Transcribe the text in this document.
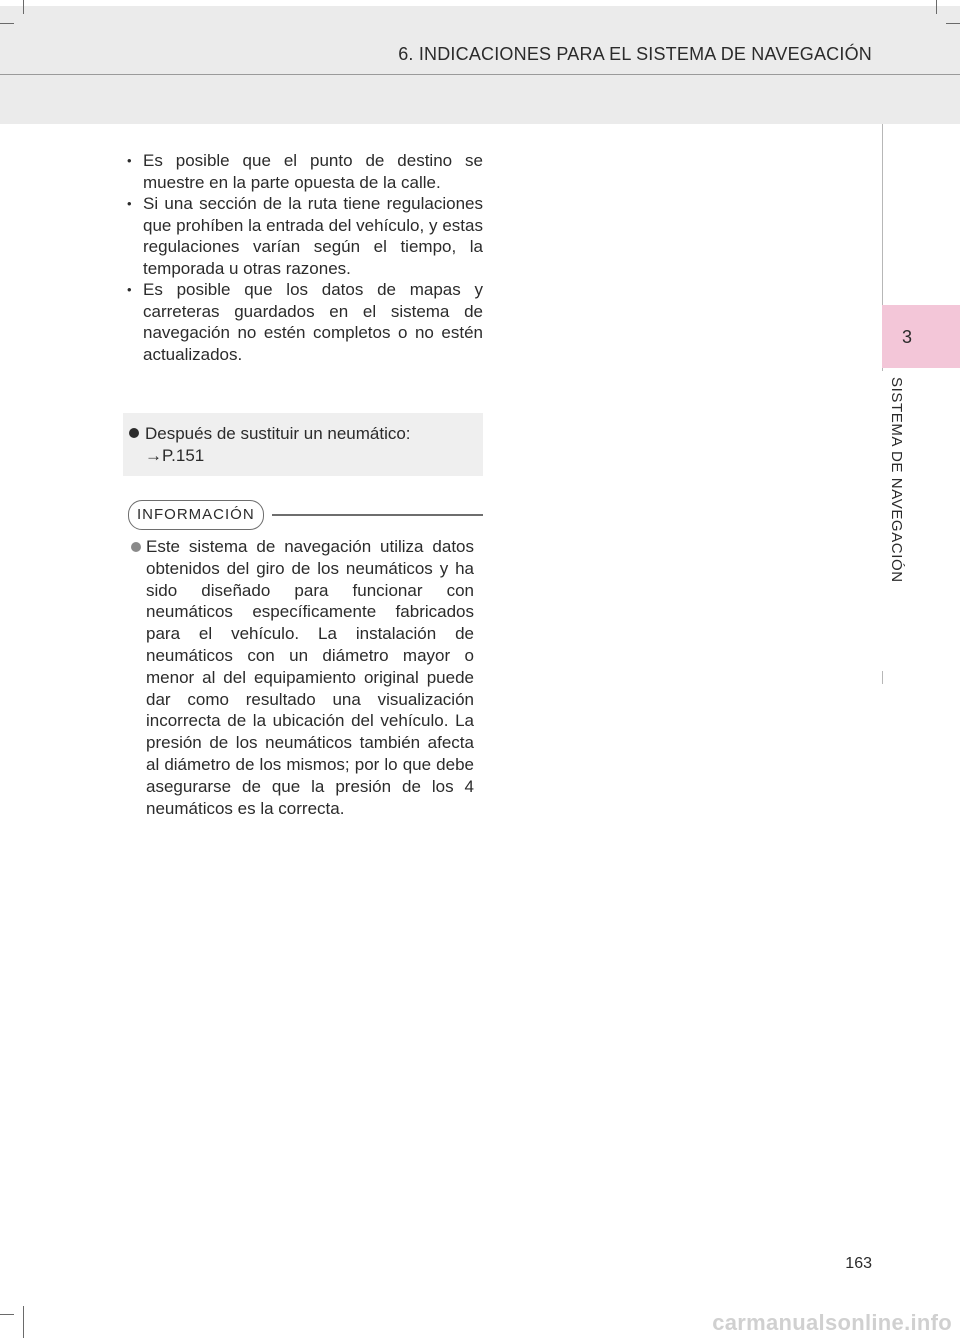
6. INDICACIONES PARA EL SISTEMA DE NAVEGACIÓN
3
SISTEMA DE NAVEGACIÓN
• Es posible que el punto de destino se muestre en la parte opuesta de la calle.
• Si una sección de la ruta tiene regulaciones que prohíben la entrada del vehículo, y estas regulaciones varían según el tiempo, la temporada u otras razones.
• Es posible que los datos de mapas y carreteras guardados en el sistema de navegación no estén completos o no estén actualizados.
Después de sustituir un neumático:
→P.151
INFORMACIÓN
Este sistema de navegación utiliza datos obtenidos del giro de los neumáticos y ha sido diseñado para funcionar con neumáticos específicamente fabricados para el vehículo. La instalación de neumáticos con un diámetro mayor o menor al del equipamiento original puede dar como resultado una visualización incorrecta de la ubicación del vehículo. La presión de los neumáticos también afecta al diámetro de los mismos; por lo que debe asegurarse de que la presión de los 4 neumáticos es la correcta.
163
carmanualsonline.info
